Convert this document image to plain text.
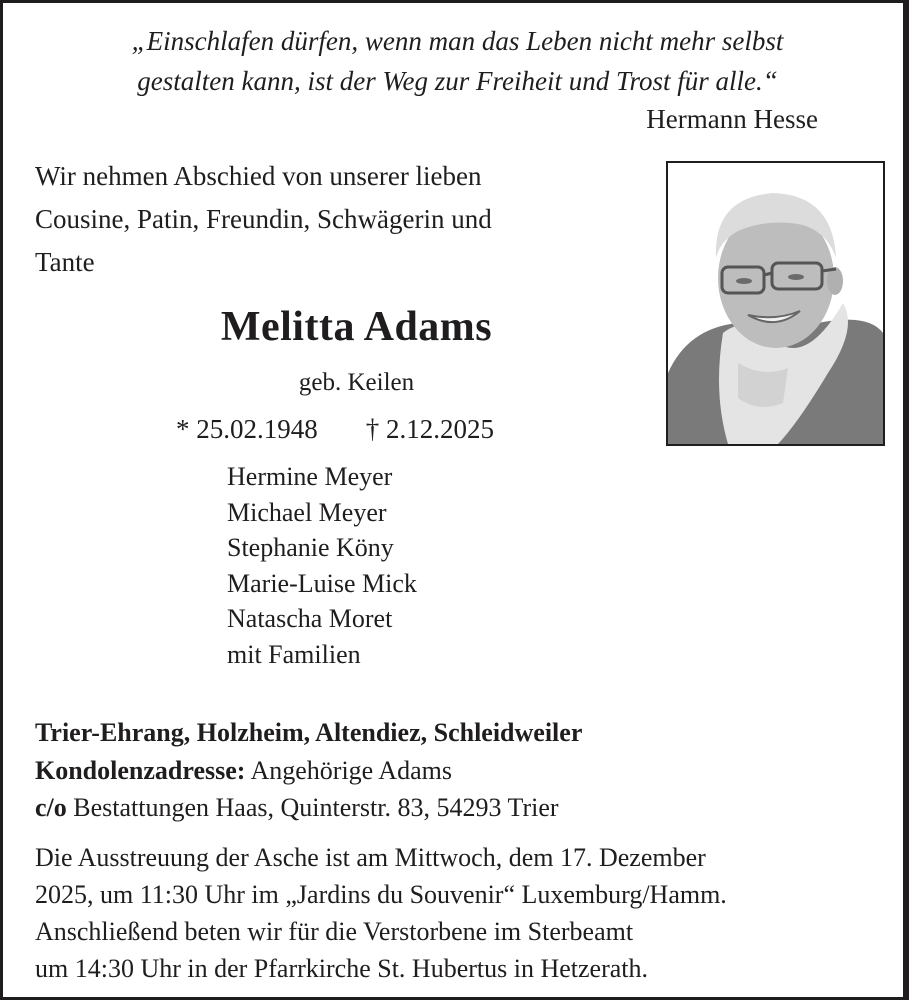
„Einschlafen dürfen, wenn man das Leben nicht mehr selbst
gestalten kann, ist der Weg zur Freiheit und Trost für alle.“
Hermann Hesse
Wir nehmen Abschied von unserer lieben
Cousine, Patin, Freundin, Schwägerin und
Tante
Melitta Adams
geb. Keilen
* 25.02.1948 † 2.12.2025
Hermine Meyer
Michael Meyer
Stephanie Köny
Marie-Luise Mick
Natascha Moret
mit Familien
Trier-Ehrang, Holzheim, Altendiez, Schleidweiler
Kondolenzadresse: Angehörige Adams
c/o Bestattungen Haas, Quinterstr. 83, 54293 Trier
Die Ausstreuung der Asche ist am Mittwoch, dem 17. Dezember
2025, um 11:30 Uhr im „Jardins du Souvenir“ Luxemburg/Hamm.
Anschließend beten wir für die Verstorbene im Sterbeamt
um 14:30 Uhr in der Pfarrkirche St. Hubertus in Hetzerath.
